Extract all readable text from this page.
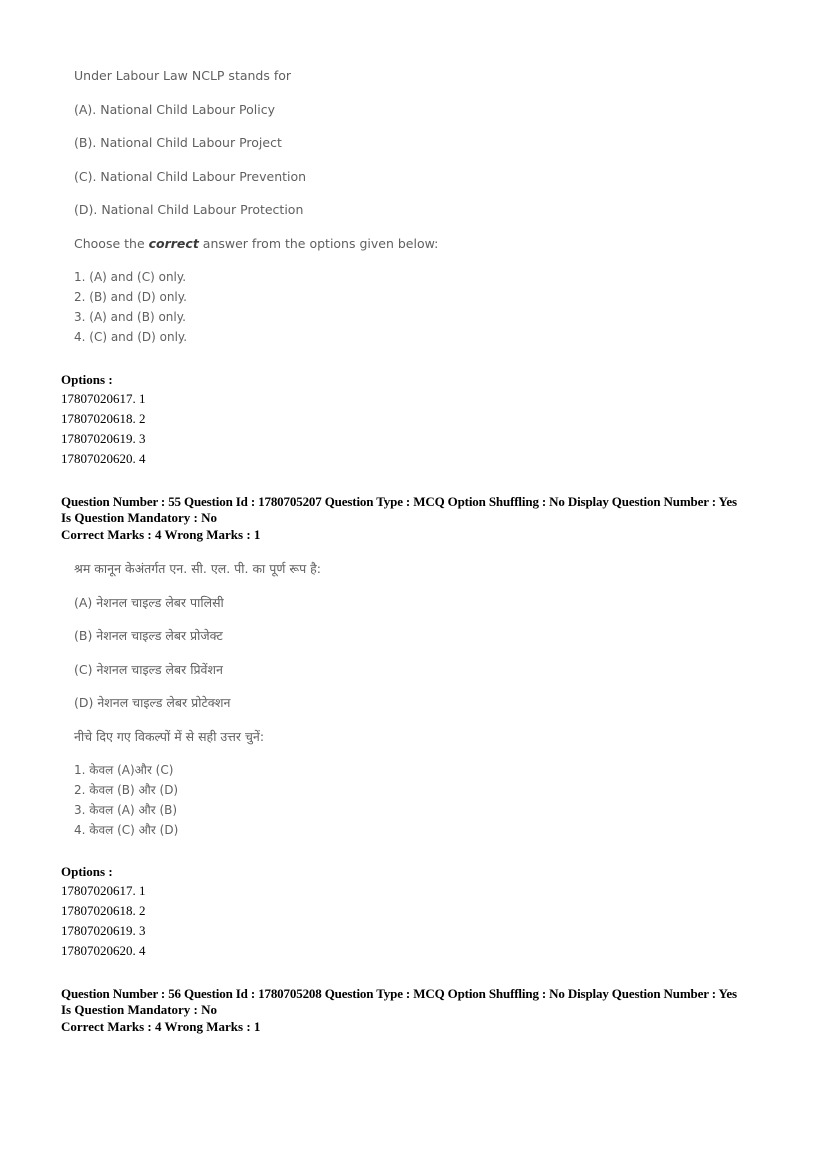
Under Labour Law NCLP stands for
(A). National Child Labour Policy
(B). National Child Labour Project
(C). National Child Labour Prevention
(D). National Child Labour Protection
Choose the correct answer from the options given below:
1. (A) and (C) only.
2. (B) and (D) only.
3. (A) and (B) only.
4. (C) and (D) only.
Options :
17807020617. 1
17807020618. 2
17807020619. 3
17807020620. 4
Question Number : 55 Question Id : 1780705207 Question Type : MCQ Option Shuffling : No Display Question Number : Yes
Is Question Mandatory : No
Correct Marks : 4 Wrong Marks : 1
श्रम कानून केअंतर्गत एन. सी. एल. पी. का पूर्ण रूप है:
(A) नेशनल चाइल्ड लेबर पालिसी
(B) नेशनल चाइल्ड लेबर प्रोजेक्ट
(C) नेशनल चाइल्ड लेबर प्रिवेंशन
(D) नेशनल चाइल्ड लेबर प्रोटेक्शन
नीचे दिए गए विकल्पों में से सही उत्तर चुनें:
1. केवल (A)और (C)
2. केवल (B) और (D)
3. केवल (A) और (B)
4. केवल (C) और (D)
Options :
17807020617. 1
17807020618. 2
17807020619. 3
17807020620. 4
Question Number : 56 Question Id : 1780705208 Question Type : MCQ Option Shuffling : No Display Question Number : Yes
Is Question Mandatory : No
Correct Marks : 4 Wrong Marks : 1
